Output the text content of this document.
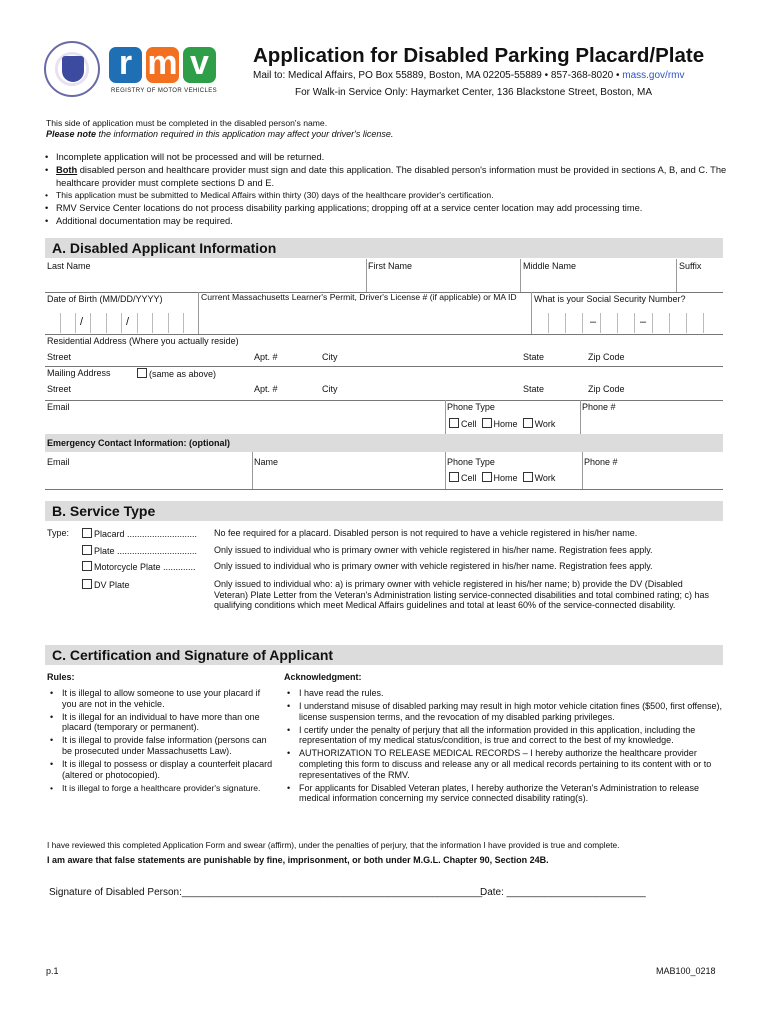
r m v
REGISTRY OF MOTOR VEHICLES
Application for Disabled Parking Placard/Plate
Mail to: Medical Affairs, PO Box 55889, Boston, MA 02205-55889 • 857-368-8020 • mass.gov/rmv
For Walk-in Service Only: Haymarket Center, 136 Blackstone Street, Boston, MA
This side of application must be completed in the disabled person's name.
Please note the information required in this application may affect your driver's license.
• Incomplete application will not be processed and will be returned.
• Both disabled person and healthcare provider must sign and date this application. The disabled person's information must be provided in sections A, B, and C. The healthcare provider must complete sections D and E.
• This application must be submitted to Medical Affairs within thirty (30) days of the healthcare provider's certification.
• RMV Service Center locations do not process disability parking applications; dropping off at a service center location may add processing time.
• Additional documentation may be required.
A. Disabled Applicant Information
Last Name	First Name	Middle Name	Suffix
Date of Birth (MM/DD/YYYY)	Current Massachusetts Learner's Permit, Driver's License # (if applicable) or MA ID	What is your Social Security Number?
/	/	–	–
Residential Address (Where you actually reside)
Street	Apt. #	City	State	Zip Code
Mailing Address	(same as above)
Street	Apt. #	City	State	Zip Code
Email	Phone Type
Cell Home Work
Phone #
Emergency Contact Information: (optional)
Email	Name	Phone Type
Cell Home Work
Phone #
B. Service Type
Type:	Placard ............................ No fee required for a placard. Disabled person is not required to have a vehicle registered in his/her name.
Plate ................................ Only issued to individual who is primary owner with vehicle registered in his/her name. Registration fees apply.
Motorcycle Plate ............. Only issued to individual who is primary owner with vehicle registered in his/her name. Registration fees apply.
DV Plate	Only issued to individual who: a) is primary owner with vehicle registered in his/her name; b) provide the DV (Disabled Veteran) Plate Letter from the Veteran's Administration listing service-connected disabilities and total combined rating; c) has qualifying conditions which meet Medical Affairs guidelines and total at least 60% of the service-connected disability.
C. Certification and Signature of Applicant
Rules:
• It is illegal to allow someone to use your placard if you are not in the vehicle.
• It is illegal for an individual to have more than one placard (temporary or permanent).
• It is illegal to provide false information (persons can be prosecuted under Massachusetts Law).
• It is illegal to possess or display a counterfeit placard (altered or photocopied).
• It is illegal to forge a healthcare provider's signature.
Acknowledgment:
• I have read the rules.
• I understand misuse of disabled parking may result in high motor vehicle citation fines ($500, first offense), license suspension terms, and the revocation of my disabled parking privileges.
• I certify under the penalty of perjury that all the information provided in this application, including the representation of my medical status/condition, is true and correct to the best of my knowledge.
• AUTHORIZATION TO RELEASE MEDICAL RECORDS – I hereby authorize the healthcare provider completing this form to discuss and release any or all medical records pertaining to its content with or to representatives of the RMV.
• For applicants for Disabled Veteran plates, I hereby authorize the Veteran's Administration to release medical information concerning my service connected disability rating(s).
I have reviewed this completed Application Form and swear (affirm), under the penalties of perjury, that the information I have provided is true and complete.
I am aware that false statements are punishable by fine, imprisonment, or both under M.G.L. Chapter 90, Section 24B.
Signature of Disabled Person:______________________________________________________
Date: _________________________
p.1	MAB100_0218
